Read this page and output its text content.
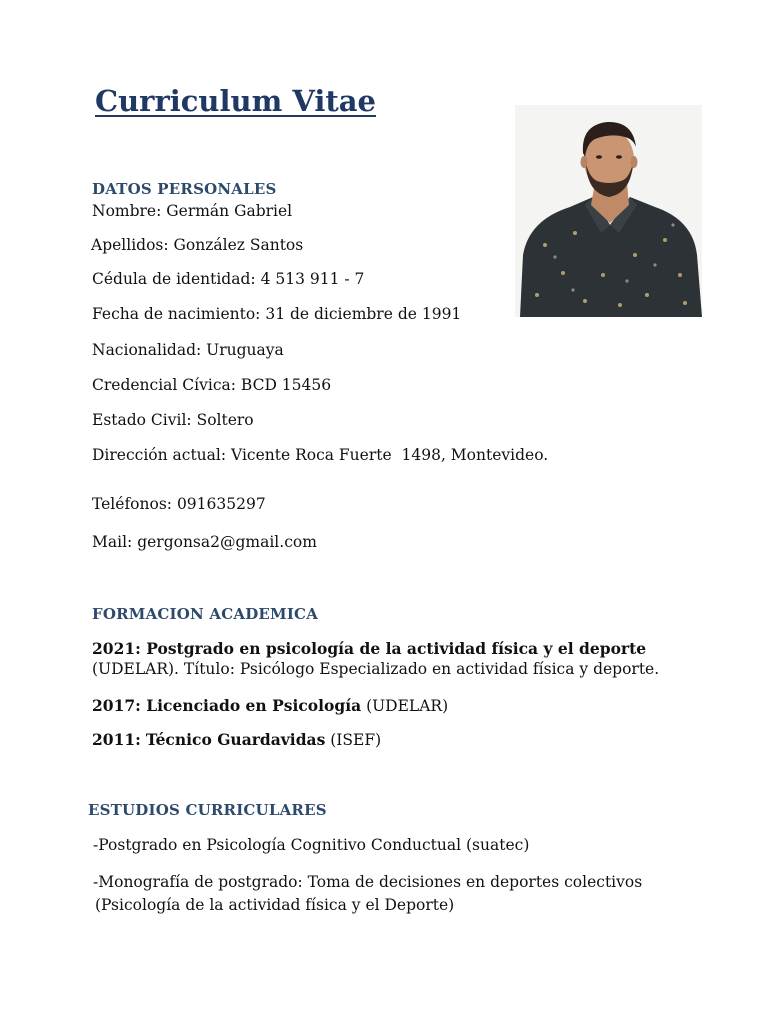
Curriculum Vitae
DATOS PERSONALES

Nombre: Germán Gabriel

Apellidos: González Santos

Cédula de identidad: 4 513 911 - 7

Fecha de nacimiento: 31 de diciembre de 1991

Nacionalidad: Uruguaya

Credencial Cívica: BCD 15456

Estado Civil: Soltero

Dirección actual: Vicente Roca Fuerte  1498, Montevideo.

Teléfonos: 091635297

Mail: gergonsa2@gmail.com

FORMACION ACADEMICA

2021: Postgrado en psicología de la actividad física y el deporte

(UDELAR). Título: Psicólogo Especializado en actividad física y deporte.

2017: Licenciado en Psicología (UDELAR)

2011: Técnico Guardavidas (ISEF)

ESTUDIOS CURRICULARES

-Postgrado en Psicología Cognitivo Conductual (suatec)

-Monografía de postgrado: Toma de decisiones en deportes colectivos

(Psicología de la actividad física y el Deporte)
